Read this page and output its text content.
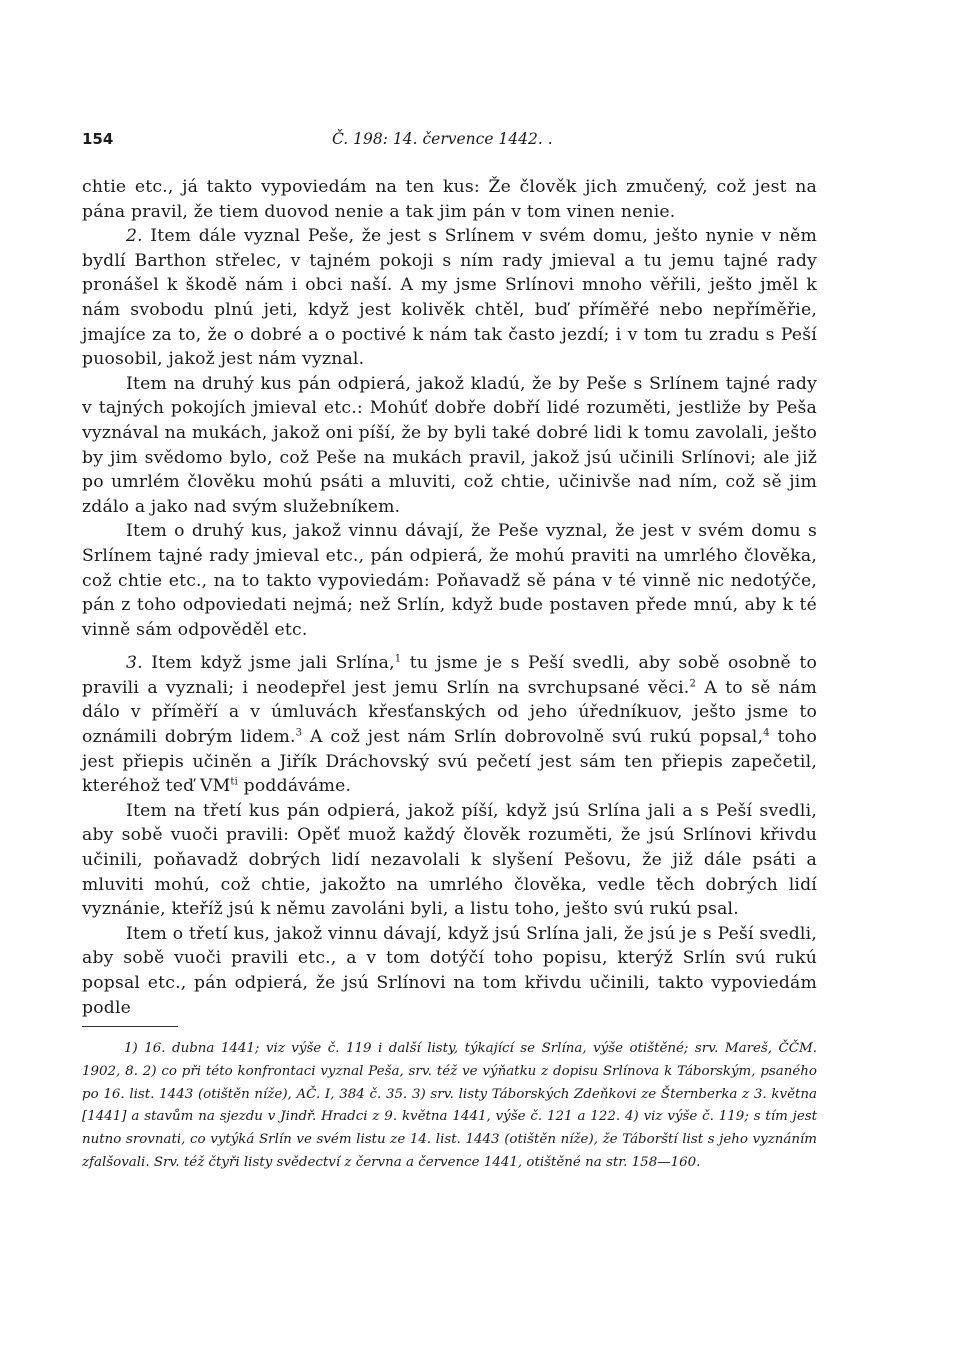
154	Č. 198: 14. července 1442. .

chtie etc., já takto vypoviedám na ten kus: Že člověk jich zmučený, což jest na pána pravil, že tiem duovod nenie a tak jim pán v tom vinen nenie.

2. Item dále vyznal Peše, že jest s Srlínem v svém domu, ješto nynie v něm bydlí Barthon střelec, v tajném pokoji s ním rady jmieval a tu jemu tajné rady pronášel k škodě nám i obci naší. A my jsme Srlínovi mnoho věřili, ješto jměl k nám svobodu plnú jeti, když jest kolivěk chtěl, buď příměřé nebo nepříměřie, jmajíce za to, že o dobré a o poctivé k nám tak často jezdí; i v tom tu zradu s Peší puosobil, jakož jest nám vyznal.

Item na druhý kus pán odpierá, jakož kladú, že by Peše s Srlínem tajné rady v tajných pokojích jmieval etc.: Mohúť dobře dobří lidé rozuměti, jestliže by Peša vyznával na mukách, jakož oni píší, že by byli také dobré lidi k tomu zavolali, ješto by jim svědomo bylo, což Peše na mukách pravil, jakož jsú učinili Srlínovi; ale již po umrlém člověku mohú psáti a mluviti, což chtie, učinivše nad ním, což sě jim zdálo a jako nad svým služebníkem.

Item o druhý kus, jakož vinnu dávají, že Peše vyznal, že jest v svém domu s Srlínem tajné rady jmieval etc., pán odpierá, že mohú praviti na umrlého člověka, což chtie etc., na to takto vypoviedám: Poňavadž sě pána v té vinně nic nedotýče, pán z toho odpoviedati nejmá; než Srlín, když bude postaven přede mnú, aby k té vinně sám odpověděl etc.

3. Item když jsme jali Srlína,$^1$ tu jsme je s Peší svedli, aby sobě osobně to pravili a vyznali; i neodepřel jest jemu Srlín na svrchupsané věci.$^2$ A to sě nám dálo v příměří a v úmluvách křesťanských od jeho úředníkuov, ješto jsme to oznámili dobrým lidem.$^3$ A což jest nám Srlín dobrovolně svú rukú popsal,$^4$ toho jest přiepis učiněn a Jiřík Dráchovský svú pečetí jest sám ten přiepis zapečetil, kteréhož teď $VM^{ti}$ poddáváme.

Item na třetí kus pán odpierá, jakož píší, když jsú Srlína jali a s Peší svedli, aby sobě vuoči pravili: Opěť muož každý člověk rozuměti, že jsú Srlínovi křivdu učinili, poňavadž dobrých lidí nezavolali k slyšení Pešovu, že již dále psáti a mluviti mohú, což chtie, jakožto na umrlého člověka, vedle těch dobrých lidí vyznánie, kteříž jsú k němu zavoláni byli, a listu toho, ješto svú rukú psal.

Item o třetí kus, jakož vinnu dávají, když jsú Srlína jali, že jsú je s Peší svedli, aby sobě vuoči pravili etc., a v tom dotýčí toho popisu, kterýž Srlín svú rukú popsal etc., pán odpierá, že jsú Srlínovi na tom křivdu učinili, takto vypoviedám podle

1) 16. dubna 1441; viz výše č. 119 i další listy, týkající se Srlína, výše otištěné; srv. Mareš, ČČM. 1902, 8. 2) co při této konfrontaci vyznal Peša, srv. též ve výňatku z dopisu Srlínova k Táborským, psaného po 16. list. 1443 (otištěn níže), AČ. I, 384 č. 35. 3) srv. listy Táborských Zdeňkovi ze Šternberka z 3. května [1441] a stavům na sjezdu v Jindř. Hradci z 9. května 1441, výše č. 121 a 122. 4) viz výše č. 119; s tím jest nutno srovnati, co vytýká Srlín ve svém listu ze 14. list. 1443 (otištěn níže), že Táborští list s jeho vyznáním zfalšovali. Srv. též čtyři listy svědectví z června a července 1441, otištěné na str. 158—160.
